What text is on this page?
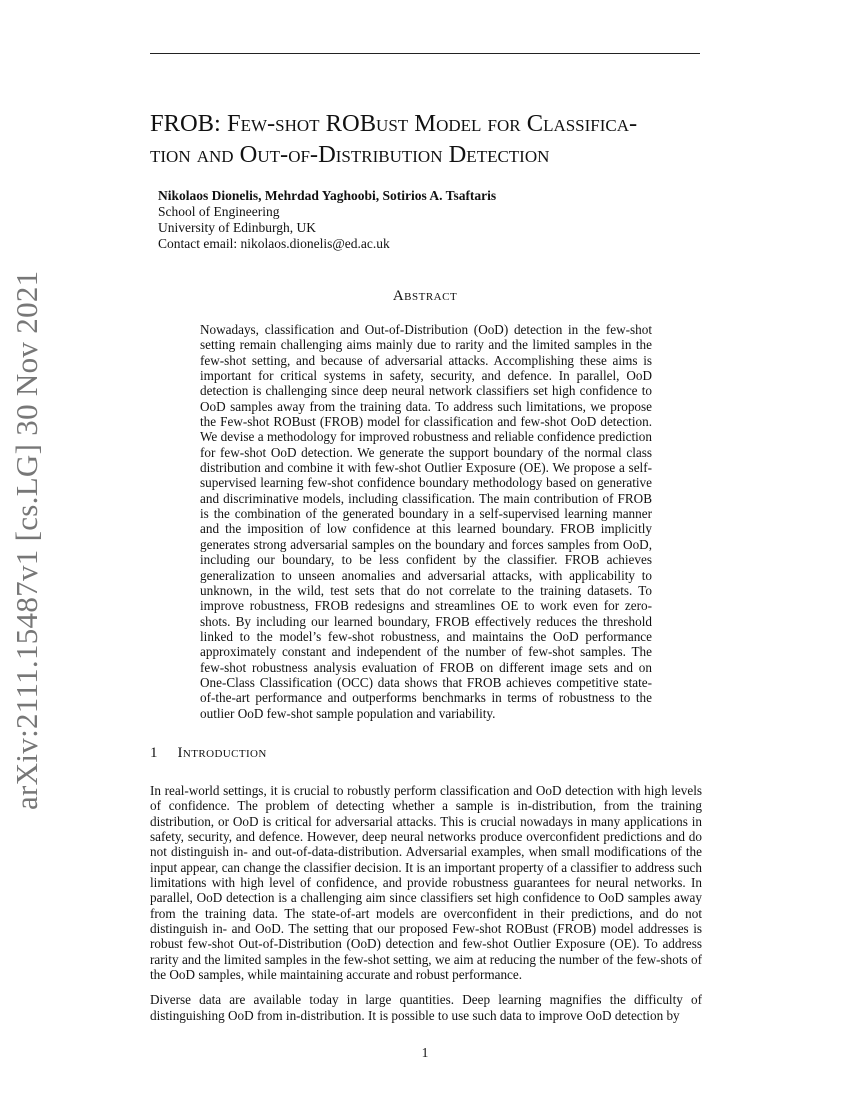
arXiv:2111.15487v1 [cs.LG] 30 Nov 2021
FROB: Few-shot ROBust Model for Classifica-
tion and Out-of-Distribution Detection
Nikolaos Dionelis, Mehrdad Yaghoobi, Sotirios A. Tsaftaris
School of Engineering
University of Edinburgh, UK
Contact email: nikolaos.dionelis@ed.ac.uk
Abstract

Nowadays, classification and Out-of-Distribution (OoD) detection in the few-shot setting remain challenging aims mainly due to rarity and the limited samples in the few-shot setting, and because of adversarial attacks. Accomplishing these aims is important for critical systems in safety, security, and defence. In parallel, OoD detection is challenging since deep neural network classifiers set high confidence to OoD samples away from the training data. To address such limitations, we propose the Few-shot ROBust (FROB) model for classification and few-shot OoD detection. We devise a methodology for improved robustness and reliable confidence prediction for few-shot OoD detection. We generate the support boundary of the normal class distribution and combine it with few-shot Outlier Exposure (OE). We propose a self-supervised learning few-shot confidence boundary methodology based on generative and discriminative models, including classification. The main contribution of FROB is the combination of the generated boundary in a self-supervised learning manner and the imposition of low confidence at this learned boundary. FROB implicitly generates strong adversarial samples on the boundary and forces samples from OoD, including our boundary, to be less confident by the classifier. FROB achieves generalization to unseen anomalies and adversarial attacks, with applicability to unknown, in the wild, test sets that do not correlate to the training datasets. To improve robustness, FROB redesigns and streamlines OE to work even for zero-shots. By including our learned boundary, FROB effectively reduces the threshold linked to the model’s few-shot robustness, and maintains the OoD performance approximately constant and independent of the number of few-shot samples. The few-shot robustness analysis evaluation of FROB on different image sets and on One-Class Classification (OCC) data shows that FROB achieves competitive state-of-the-art performance and outperforms benchmarks in terms of robustness to the outlier OoD few-shot sample population and variability.

1 Introduction

In real-world settings, it is crucial to robustly perform classification and OoD detection with high levels of confidence. The problem of detecting whether a sample is in-distribution, from the training distribution, or OoD is critical for adversarial attacks. This is crucial nowadays in many applications in safety, security, and defence. However, deep neural networks produce overconfident predictions and do not distinguish in- and out-of-data-distribution. Adversarial examples, when small modifications of the input appear, can change the classifier decision. It is an important property of a classifier to address such limitations with high level of confidence, and provide robustness guarantees for neural networks. In parallel, OoD detection is a challenging aim since classifiers set high confidence to OoD samples away from the training data. The state-of-art models are overconfident in their predictions, and do not distinguish in- and OoD. The setting that our proposed Few-shot ROBust (FROB) model addresses is robust few-shot Out-of-Distribution (OoD) detection and few-shot Outlier Exposure (OE). To address rarity and the limited samples in the few-shot setting, we aim at reducing the number of the few-shots of the OoD samples, while maintaining accurate and robust performance.

Diverse data are available today in large quantities. Deep learning magnifies the difficulty of distinguishing OoD from in-distribution. It is possible to use such data to improve OoD detection by

1
